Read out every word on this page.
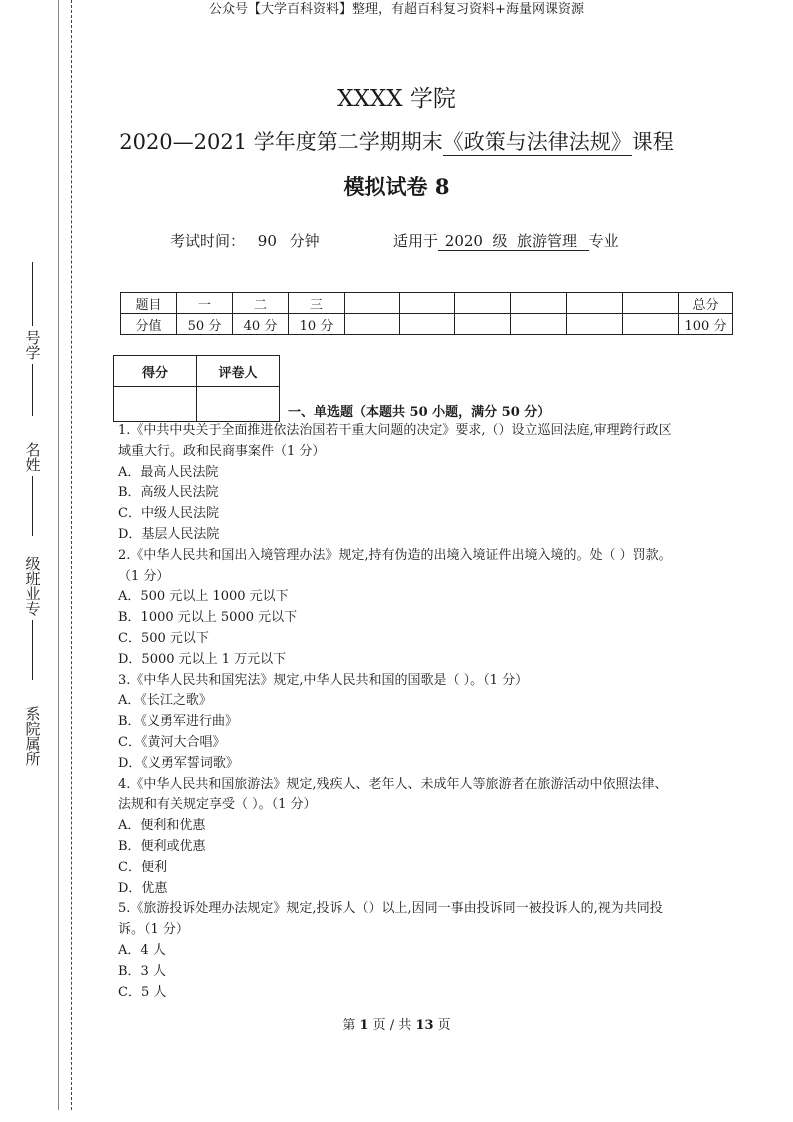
公众号【大学百科资料】整理，有超百科复习资料+海量网课资源
号学
名姓
级班业专
系院属所
XXXX 学院
2020—2021 学年度第二学期期末《政策与法律法规》课程
模拟试卷 8
考试时间： 90 分钟	适用于 2020  级  旅游管理  专业
题目	一	二	三							总分
分值	50 分	40 分	10 分							100 分
得分	评卷人

一、单选题（本题共 50 小题，满分 50 分）

1.《中共中央关于全面推进依法治国若干重大问题的决定》要求,（）设立巡回法庭,审理跨行政区域重大行。政和民商事案件（1 分）

A．最高人民法院

B．高级人民法院

C．中级人民法院

D．基层人民法院

2.《中华人民共和国出入境管理办法》规定,持有伪造的出境入境证件出境入境的。处（ ）罚款。（1 分）

A．500 元以上 1000 元以下

B．1000 元以上 5000 元以下

C．500 元以下

D．5000 元以上 1 万元以下

3.《中华人民共和国宪法》规定,中华人民共和国的国歌是（ ）。（1 分）

A．《长江之歌》

B．《义勇军进行曲》

C．《黄河大合唱》

D．《义勇军誓词歌》

4.《中华人民共和国旅游法》规定,残疾人、老年人、未成年人等旅游者在旅游活动中依照法律、法规和有关规定享受（ ）。（1 分）

A．便利和优惠

B．便利或优惠

C．便利

D．优惠

5.《旅游投诉处理办法规定》规定,投诉人（）以上,因同一事由投诉同一被投诉人的,视为共同投诉。（1 分）

A．4 人

B．3 人

C．5 人

第 1 页 / 共 13 页
